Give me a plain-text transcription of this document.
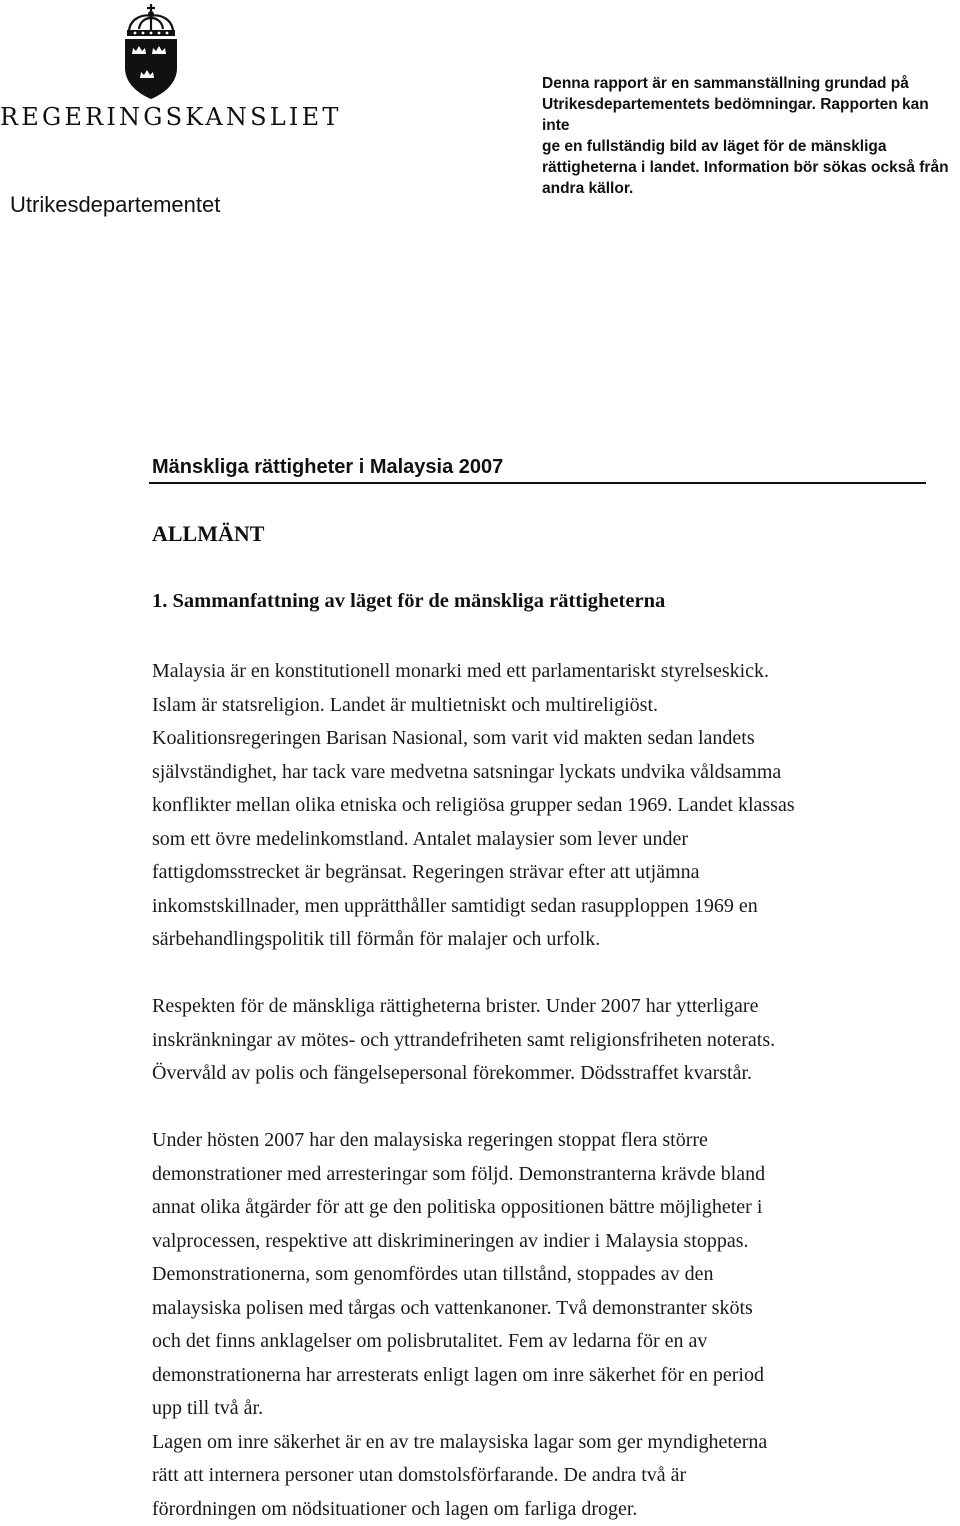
REGERINGSKANSLIET
Utrikesdepartementet
Denna rapport är en sammanställning grundad på
Utrikesdepartementets bedömningar. Rapporten kan inte
ge en fullständig bild av läget för de mänskliga
rättigheterna i landet. Information bör sökas också från
andra källor.
Mänskliga rättigheter i Malaysia 2007
ALLMÄNT
1. Sammanfattning av läget för de mänskliga rättigheterna
Malaysia är en konstitutionell monarki med ett parlamentariskt styrelseskick.
Islam är statsreligion. Landet är multietniskt och multireligiöst.
Koalitionsregeringen Barisan Nasional, som varit vid makten sedan landets
självständighet, har tack vare medvetna satsningar lyckats undvika våldsamma
konflikter mellan olika etniska och religiösa grupper sedan 1969. Landet klassas
som ett övre medelinkomstland. Antalet malaysier som lever under
fattigdomsstrecket är begränsat. Regeringen strävar efter att utjämna
inkomstskillnader, men upprätthåller samtidigt sedan rasupploppen 1969 en
särbehandlingspolitik till förmån för malajer och urfolk.
Respekten för de mänskliga rättigheterna brister. Under 2007 har ytterligare
inskränkningar av mötes- och yttrandefriheten samt religionsfriheten noterats.
Övervåld av polis och fängelsepersonal förekommer. Dödsstraffet kvarstår.
Under hösten 2007 har den malaysiska regeringen stoppat flera större
demonstrationer med arresteringar som följd. Demonstranterna krävde bland
annat olika åtgärder för att ge den politiska oppositionen bättre möjligheter i
valprocessen, respektive att diskrimineringen av indier i Malaysia stoppas.
Demonstrationerna, som genomfördes utan tillstånd, stoppades av den
malaysiska polisen med tårgas och vattenkanoner. Två demonstranter sköts
och det finns anklagelser om polisbrutalitet. Fem av ledarna för en av
demonstrationerna har arresterats enligt lagen om inre säkerhet för en period
upp till två år.
Lagen om inre säkerhet är en av tre malaysiska lagar som ger myndigheterna
rätt att internera personer utan domstolsförfarande. De andra två är
förordningen om nödsituationer och lagen om farliga droger.
